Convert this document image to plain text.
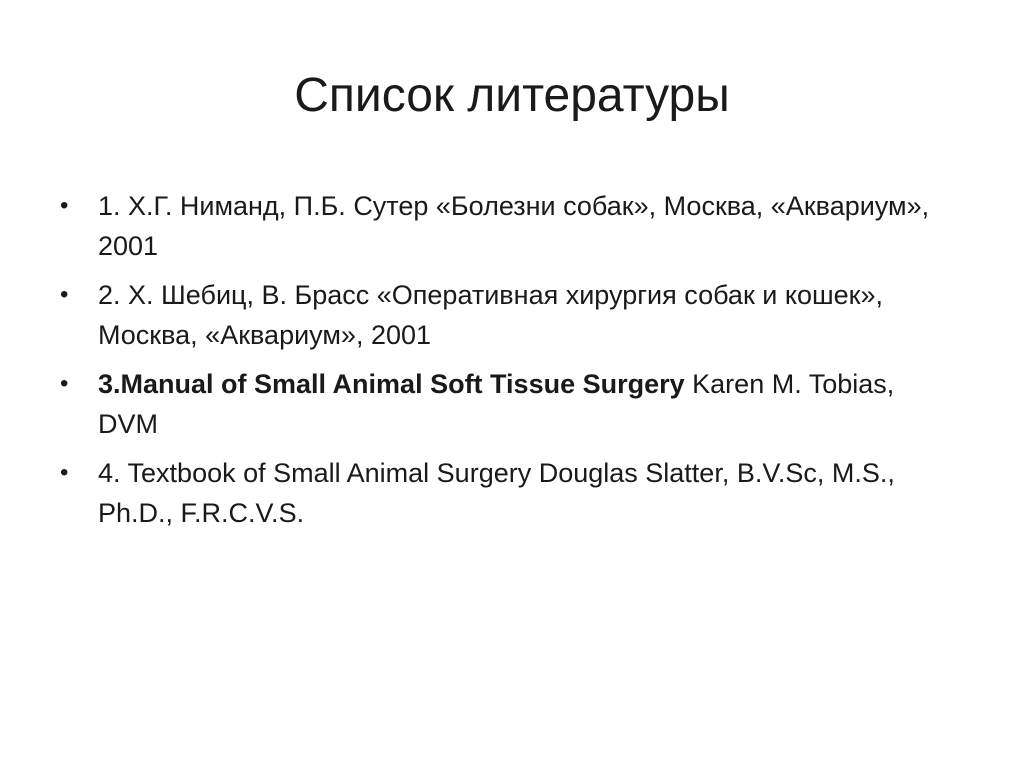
Список литературы
•	1. Х.Г. Ниманд, П.Б. Сутер «Болезни собак», Москва, «Аквариум», 2001
•	2. Х. Шебиц, В. Брасс «Оперативная хирургия собак и кошек», Москва, «Аквариум», 2001
•	3.Manual of Small Animal Soft Tissue Surgery Karen M. Tobias, DVM
•	4. Textbook of Small Animal Surgery Douglas Slatter, B.V.Sc, M.S., Ph.D., F.R.C.V.S.
